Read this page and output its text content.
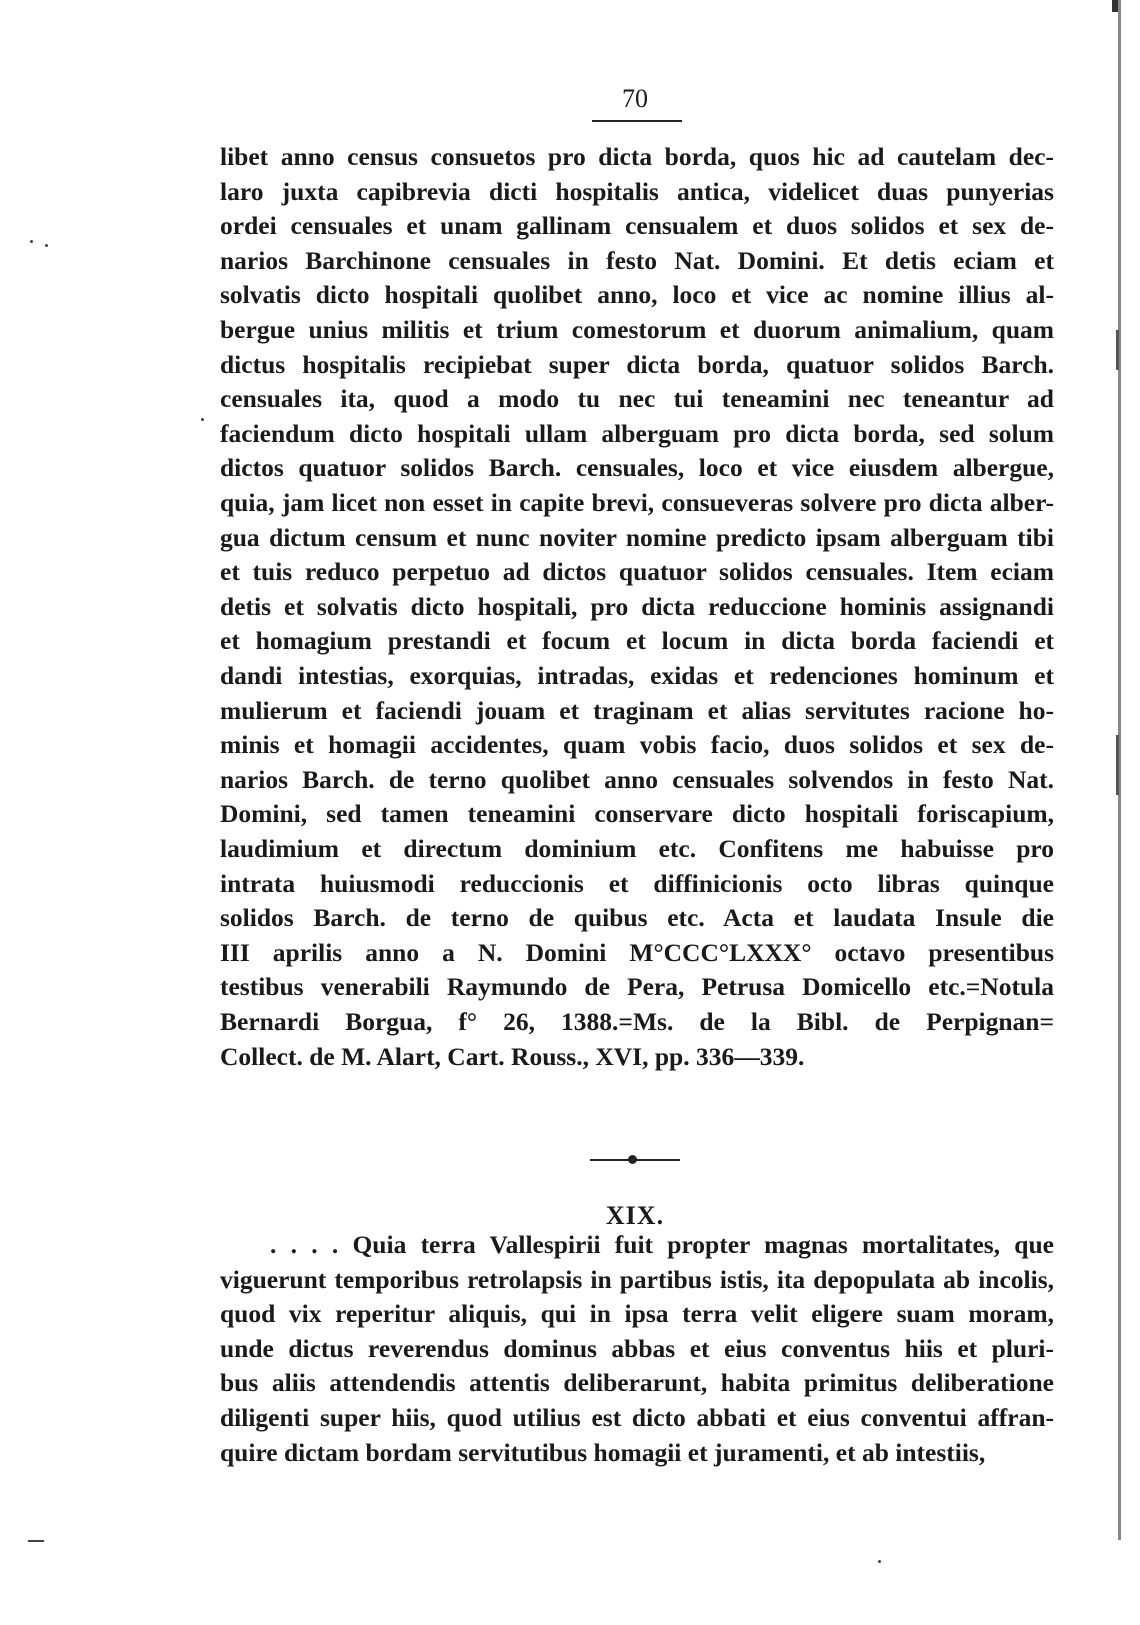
70
libet anno census consuetos pro dicta borda, quos hic ad cautelam dec-
laro juxta capibrevia dicti hospitalis antica, videlicet duas punyerias
ordei censuales et unam gallinam censualem et duos solidos et sex de-
narios Barchinone censuales in festo Nat. Domini. Et detis eciam et
solvatis dicto hospitali quolibet anno, loco et vice ac nomine illius al-
bergue unius militis et trium comestorum et duorum animalium, quam
dictus hospitalis recipiebat super dicta borda, quatuor solidos Barch.
censuales ita, quod a modo tu nec tui teneamini nec teneantur ad
faciendum dicto hospitali ullam alberguam pro dicta borda, sed solum
dictos quatuor solidos Barch. censuales, loco et vice eiusdem albergue,
quia, jam licet non esset in capite brevi, consueveras solvere pro dicta alber-
gua dictum censum et nunc noviter nomine predicto ipsam alberguam tibi
et tuis reduco perpetuo ad dictos quatuor solidos censuales. Item eciam
detis et solvatis dicto hospitali, pro dicta reduccione hominis assignandi
et homagium prestandi et focum et locum in dicta borda faciendi et
dandi intestias, exorquias, intradas, exidas et redenciones hominum et
mulierum et faciendi jouam et traginam et alias servitutes racione ho-
minis et homagii accidentes, quam vobis facio, duos solidos et sex de-
narios Barch. de terno quolibet anno censuales solvendos in festo Nat.
Domini, sed tamen teneamini conservare dicto hospitali foriscapium,
laudimium et directum dominium etc. Confitens me habuisse pro
intrata huiusmodi reduccionis et diffinicionis octo libras quinque
solidos Barch. de terno de quibus etc. Acta et laudata Insule die
III aprilis anno a N. Domini M°CCC°LXXX° octavo presentibus
testibus venerabili Raymundo de Pera, Petrusa Domicello etc.=Notula
Bernardi Borgua, f° 26, 1388.=Ms. de la Bibl. de Perpignan=
Collect. de M. Alart, Cart. Rouss., XVI, pp. 336—339.
XIX.
. . . . Quia terra Vallespirii fuit propter magnas mortalitates, que
viguerunt temporibus retrolapsis in partibus istis, ita depopulata ab incolis,
quod vix reperitur aliquis, qui in ipsa terra velit eligere suam moram,
unde dictus reverendus dominus abbas et eius conventus hiis et pluri-
bus aliis attendendis attentis deliberarunt, habita primitus deliberatione
diligenti super hiis, quod utilius est dicto abbati et eius conventui affran-
quire dictam bordam servitutibus homagii et juramenti, et ab intestiis,
